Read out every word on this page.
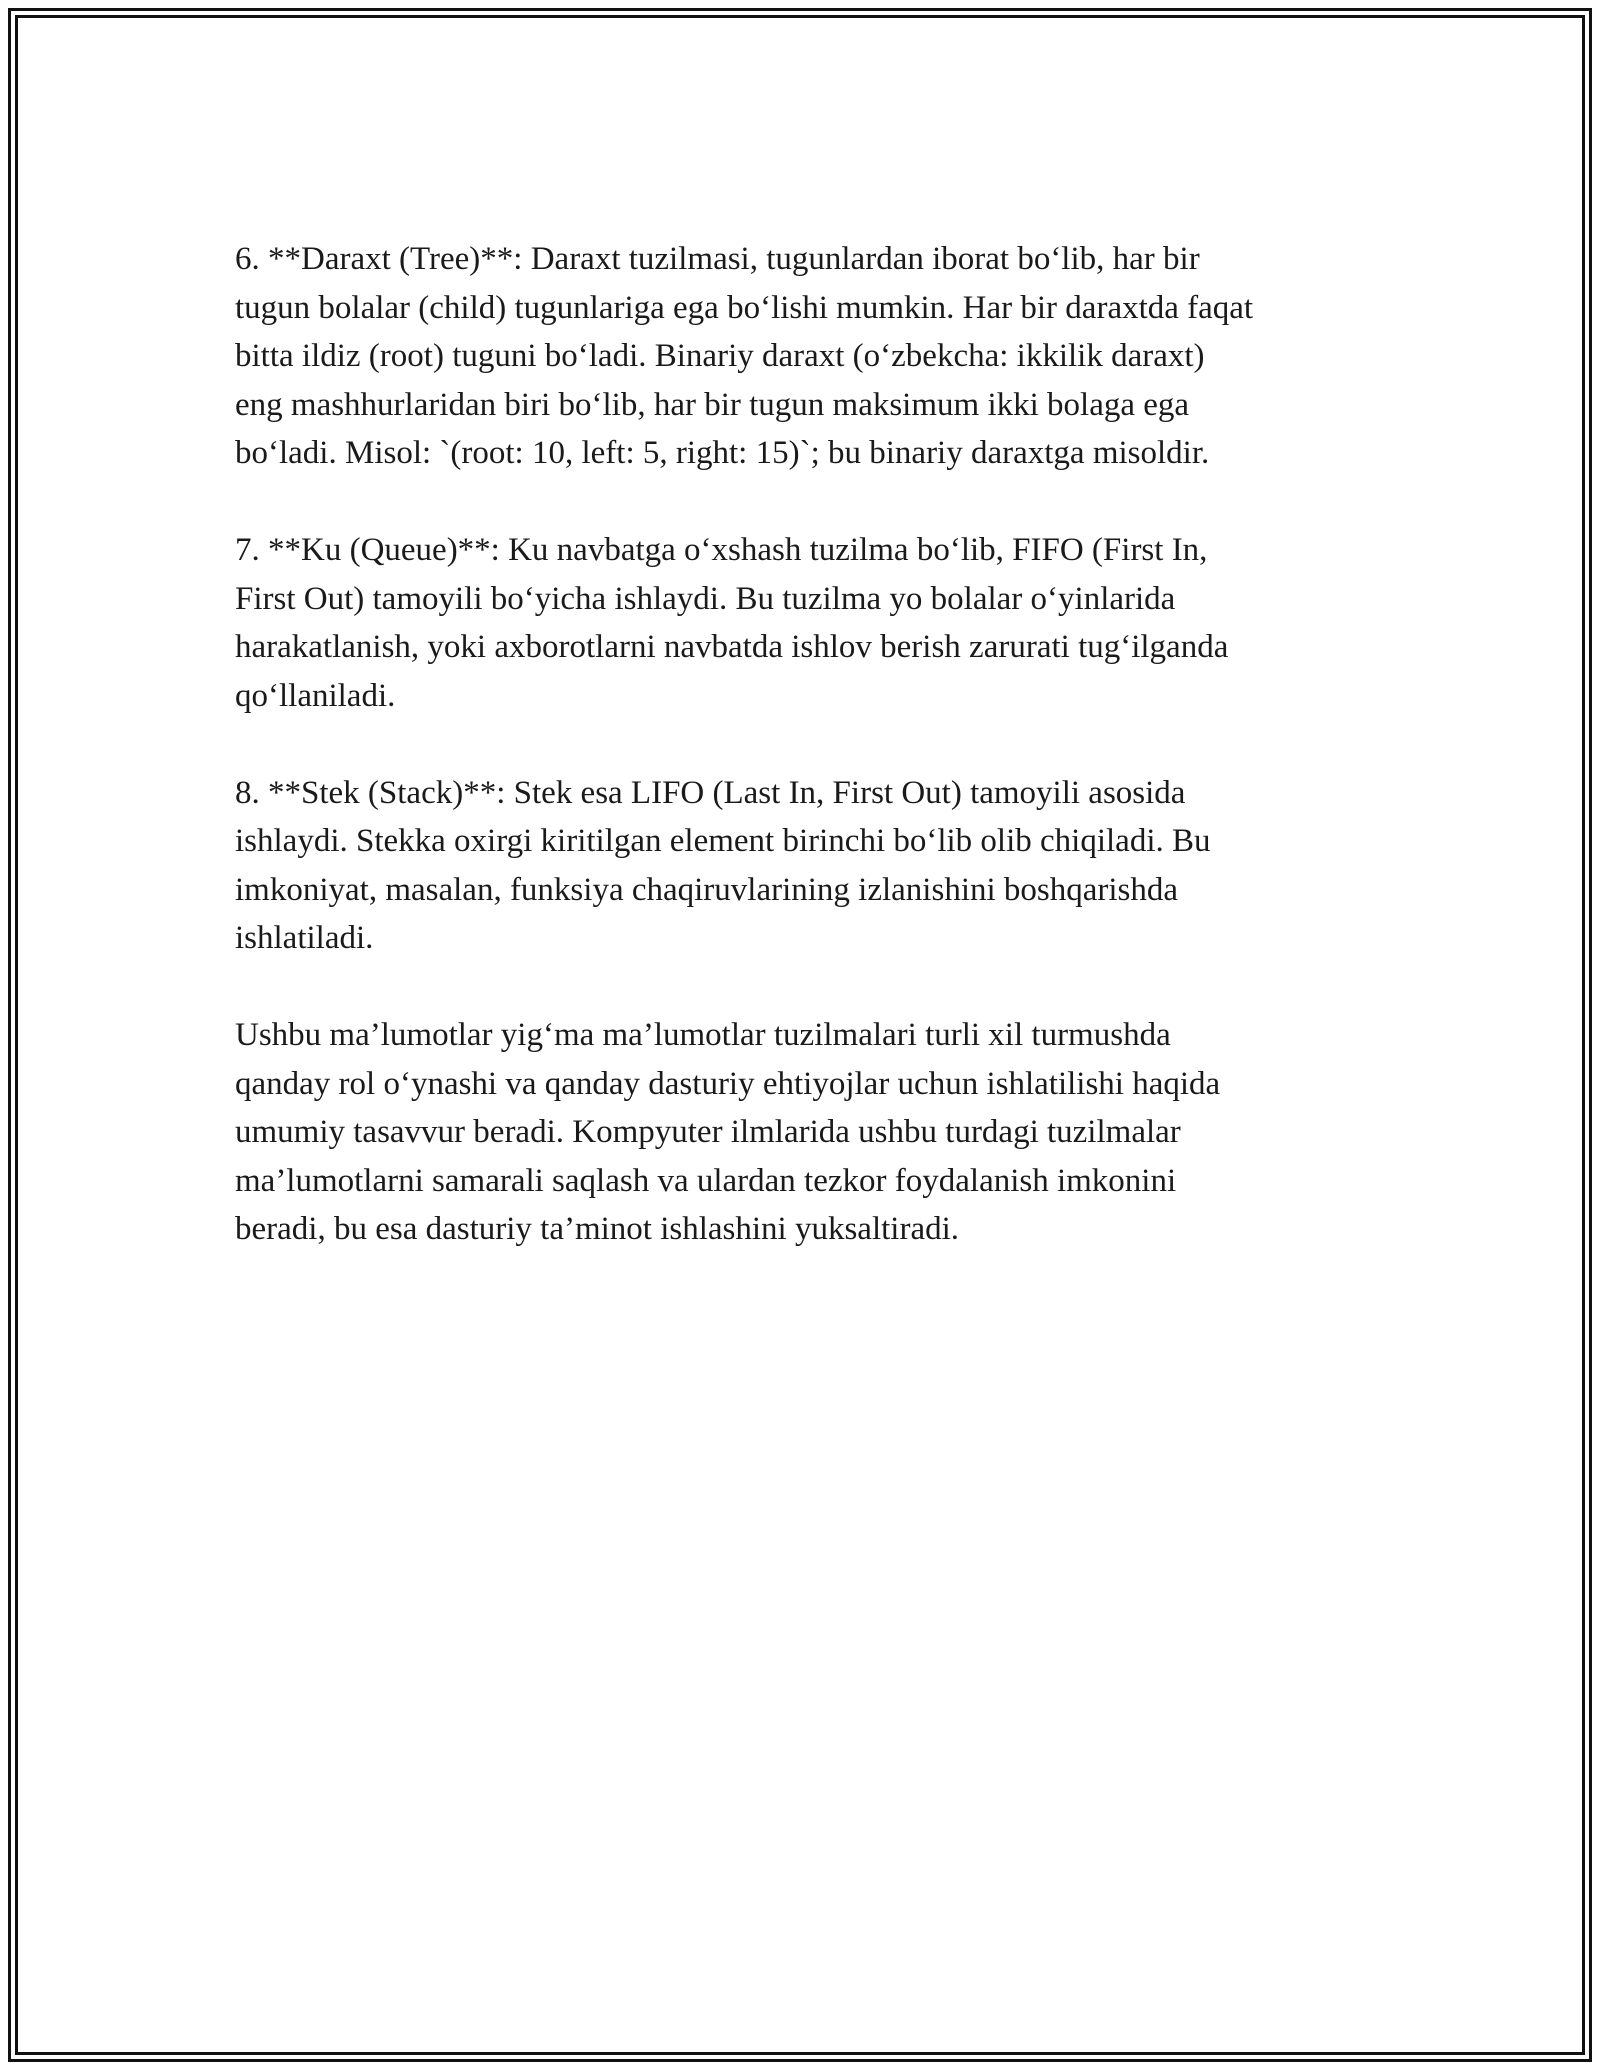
6. **Daraxt (Tree)**: Daraxt tuzilmasi, tugunlardan iborat bo‘lib, har bir
tugun bolalar (child) tugunlariga ega bo‘lishi mumkin. Har bir daraxtda faqat
bitta ildiz (root) tuguni bo‘ladi. Binariy daraxt (o‘zbekcha: ikkilik daraxt)
eng mashhurlaridan biri bo‘lib, har bir tugun maksimum ikki bolaga ega
bo‘ladi. Misol: `(root: 10, left: 5, right: 15)`; bu binariy daraxtga misoldir.

7. **Ku (Queue)**: Ku navbatga o‘xshash tuzilma bo‘lib, FIFO (First In,
First Out) tamoyili bo‘yicha ishlaydi. Bu tuzilma yo bolalar o‘yinlarida
harakatlanish, yoki axborotlarni navbatda ishlov berish zarurati tug‘ilganda
qo‘llaniladi.

8. **Stek (Stack)**: Stek esa LIFO (Last In, First Out) tamoyili asosida
ishlaydi. Stekka oxirgi kiritilgan element birinchi bo‘lib olib chiqiladi. Bu
imkoniyat, masalan, funksiya chaqiruvlarining izlanishini boshqarishda
ishlatiladi.

Ushbu ma’lumotlar yig‘ma ma’lumotlar tuzilmalari turli xil turmushda
qanday rol o‘ynashi va qanday dasturiy ehtiyojlar uchun ishlatilishi haqida
umumiy tasavvur beradi. Kompyuter ilmlarida ushbu turdagi tuzilmalar
ma’lumotlarni samarali saqlash va ulardan tezkor foydalanish imkonini
beradi, bu esa dasturiy ta’minot ishlashini yuksaltiradi.
